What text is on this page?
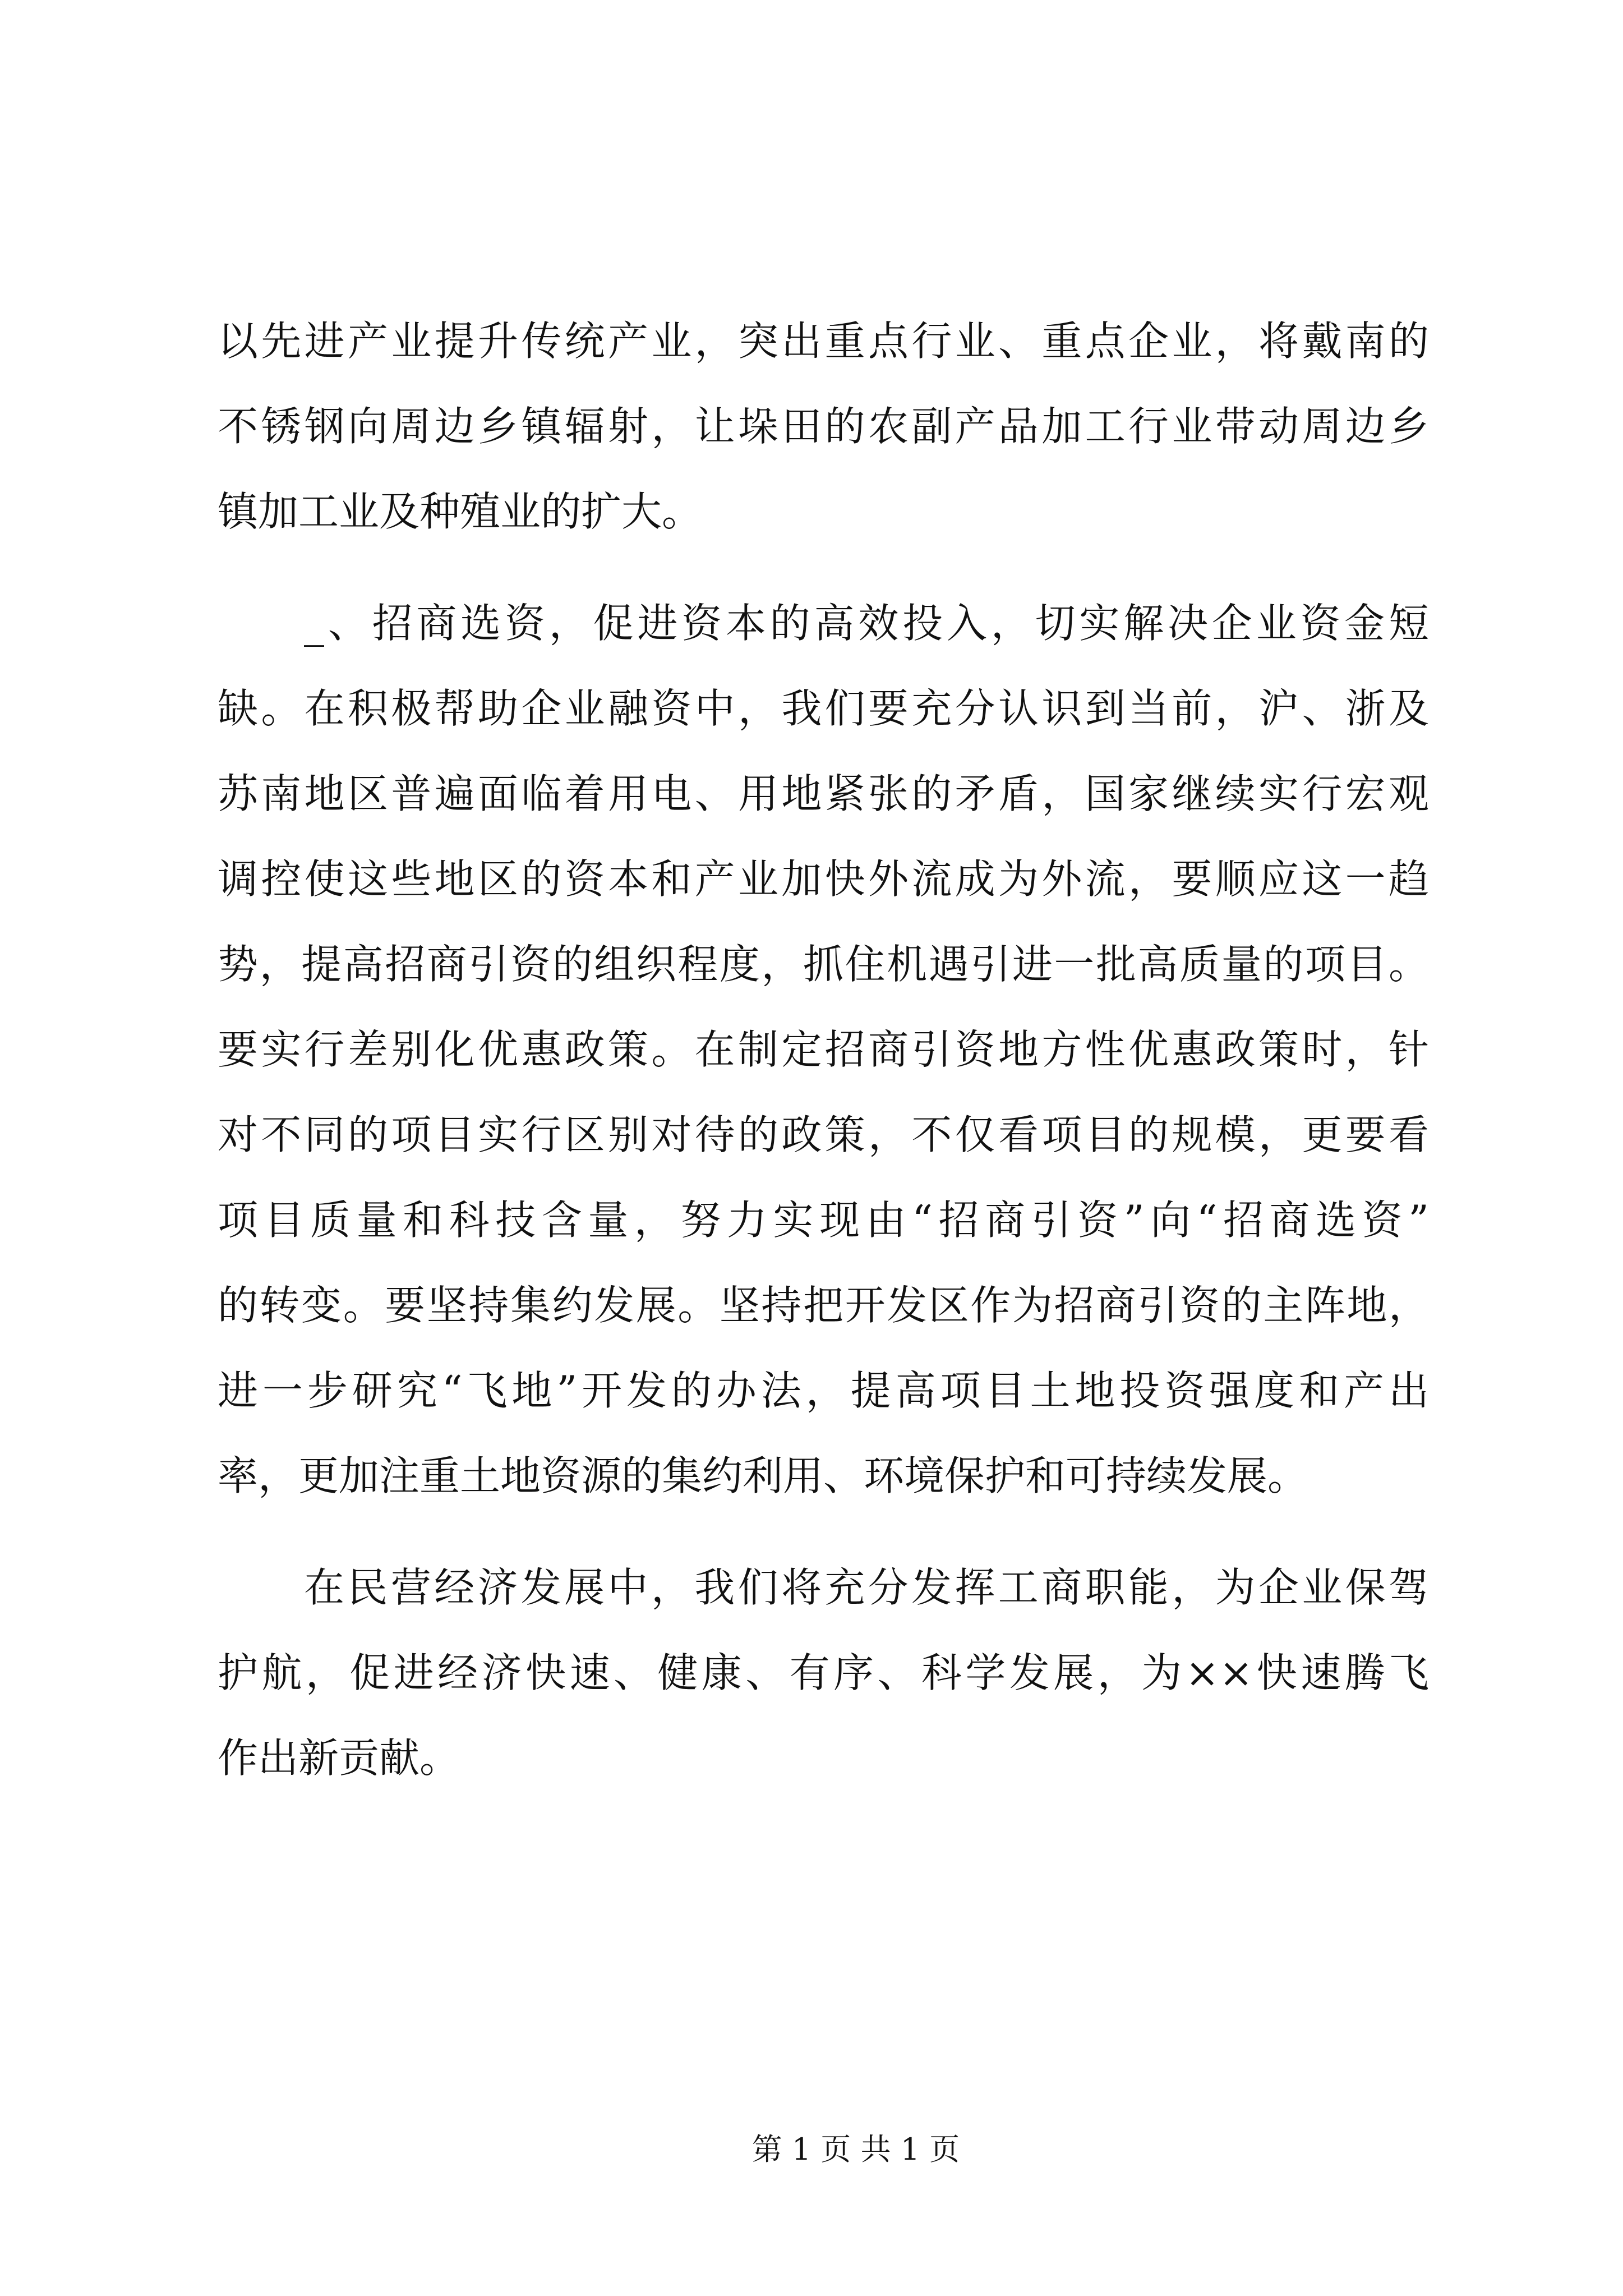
以先进产业提升传统产业，突出重点行业、重点企业，将戴南的
不锈钢向周边乡镇辐射，让垛田的农副产品加工行业带动周边乡
镇加工业及种殖业的扩大。
_、招商选资，促进资本的高效投入，切实解决企业资金短
缺。在积极帮助企业融资中，我们要充分认识到当前，沪、浙及
苏南地区普遍面临着用电、用地紧张的矛盾，国家继续实行宏观
调控使这些地区的资本和产业加快外流成为外流，要顺应这一趋
势，提高招商引资的组织程度，抓住机遇引进一批高质量的项目。
要实行差别化优惠政策。在制定招商引资地方性优惠政策时，针
对不同的项目实行区别对待的政策，不仅看项目的规模，更要看
项目质量和科技含量，努力实现由“招商引资”向“招商选资”
的转变。要坚持集约发展。坚持把开发区作为招商引资的主阵地，
进一步研究“飞地”开发的办法，提高项目土地投资强度和产出
率，更加注重土地资源的集约利用、环境保护和可持续发展。
在民营经济发展中，我们将充分发挥工商职能，为企业保驾
护航，促进经济快速、健康、有序、科学发展，为××快速腾飞
作出新贡献。
第 1 页 共 1 页
